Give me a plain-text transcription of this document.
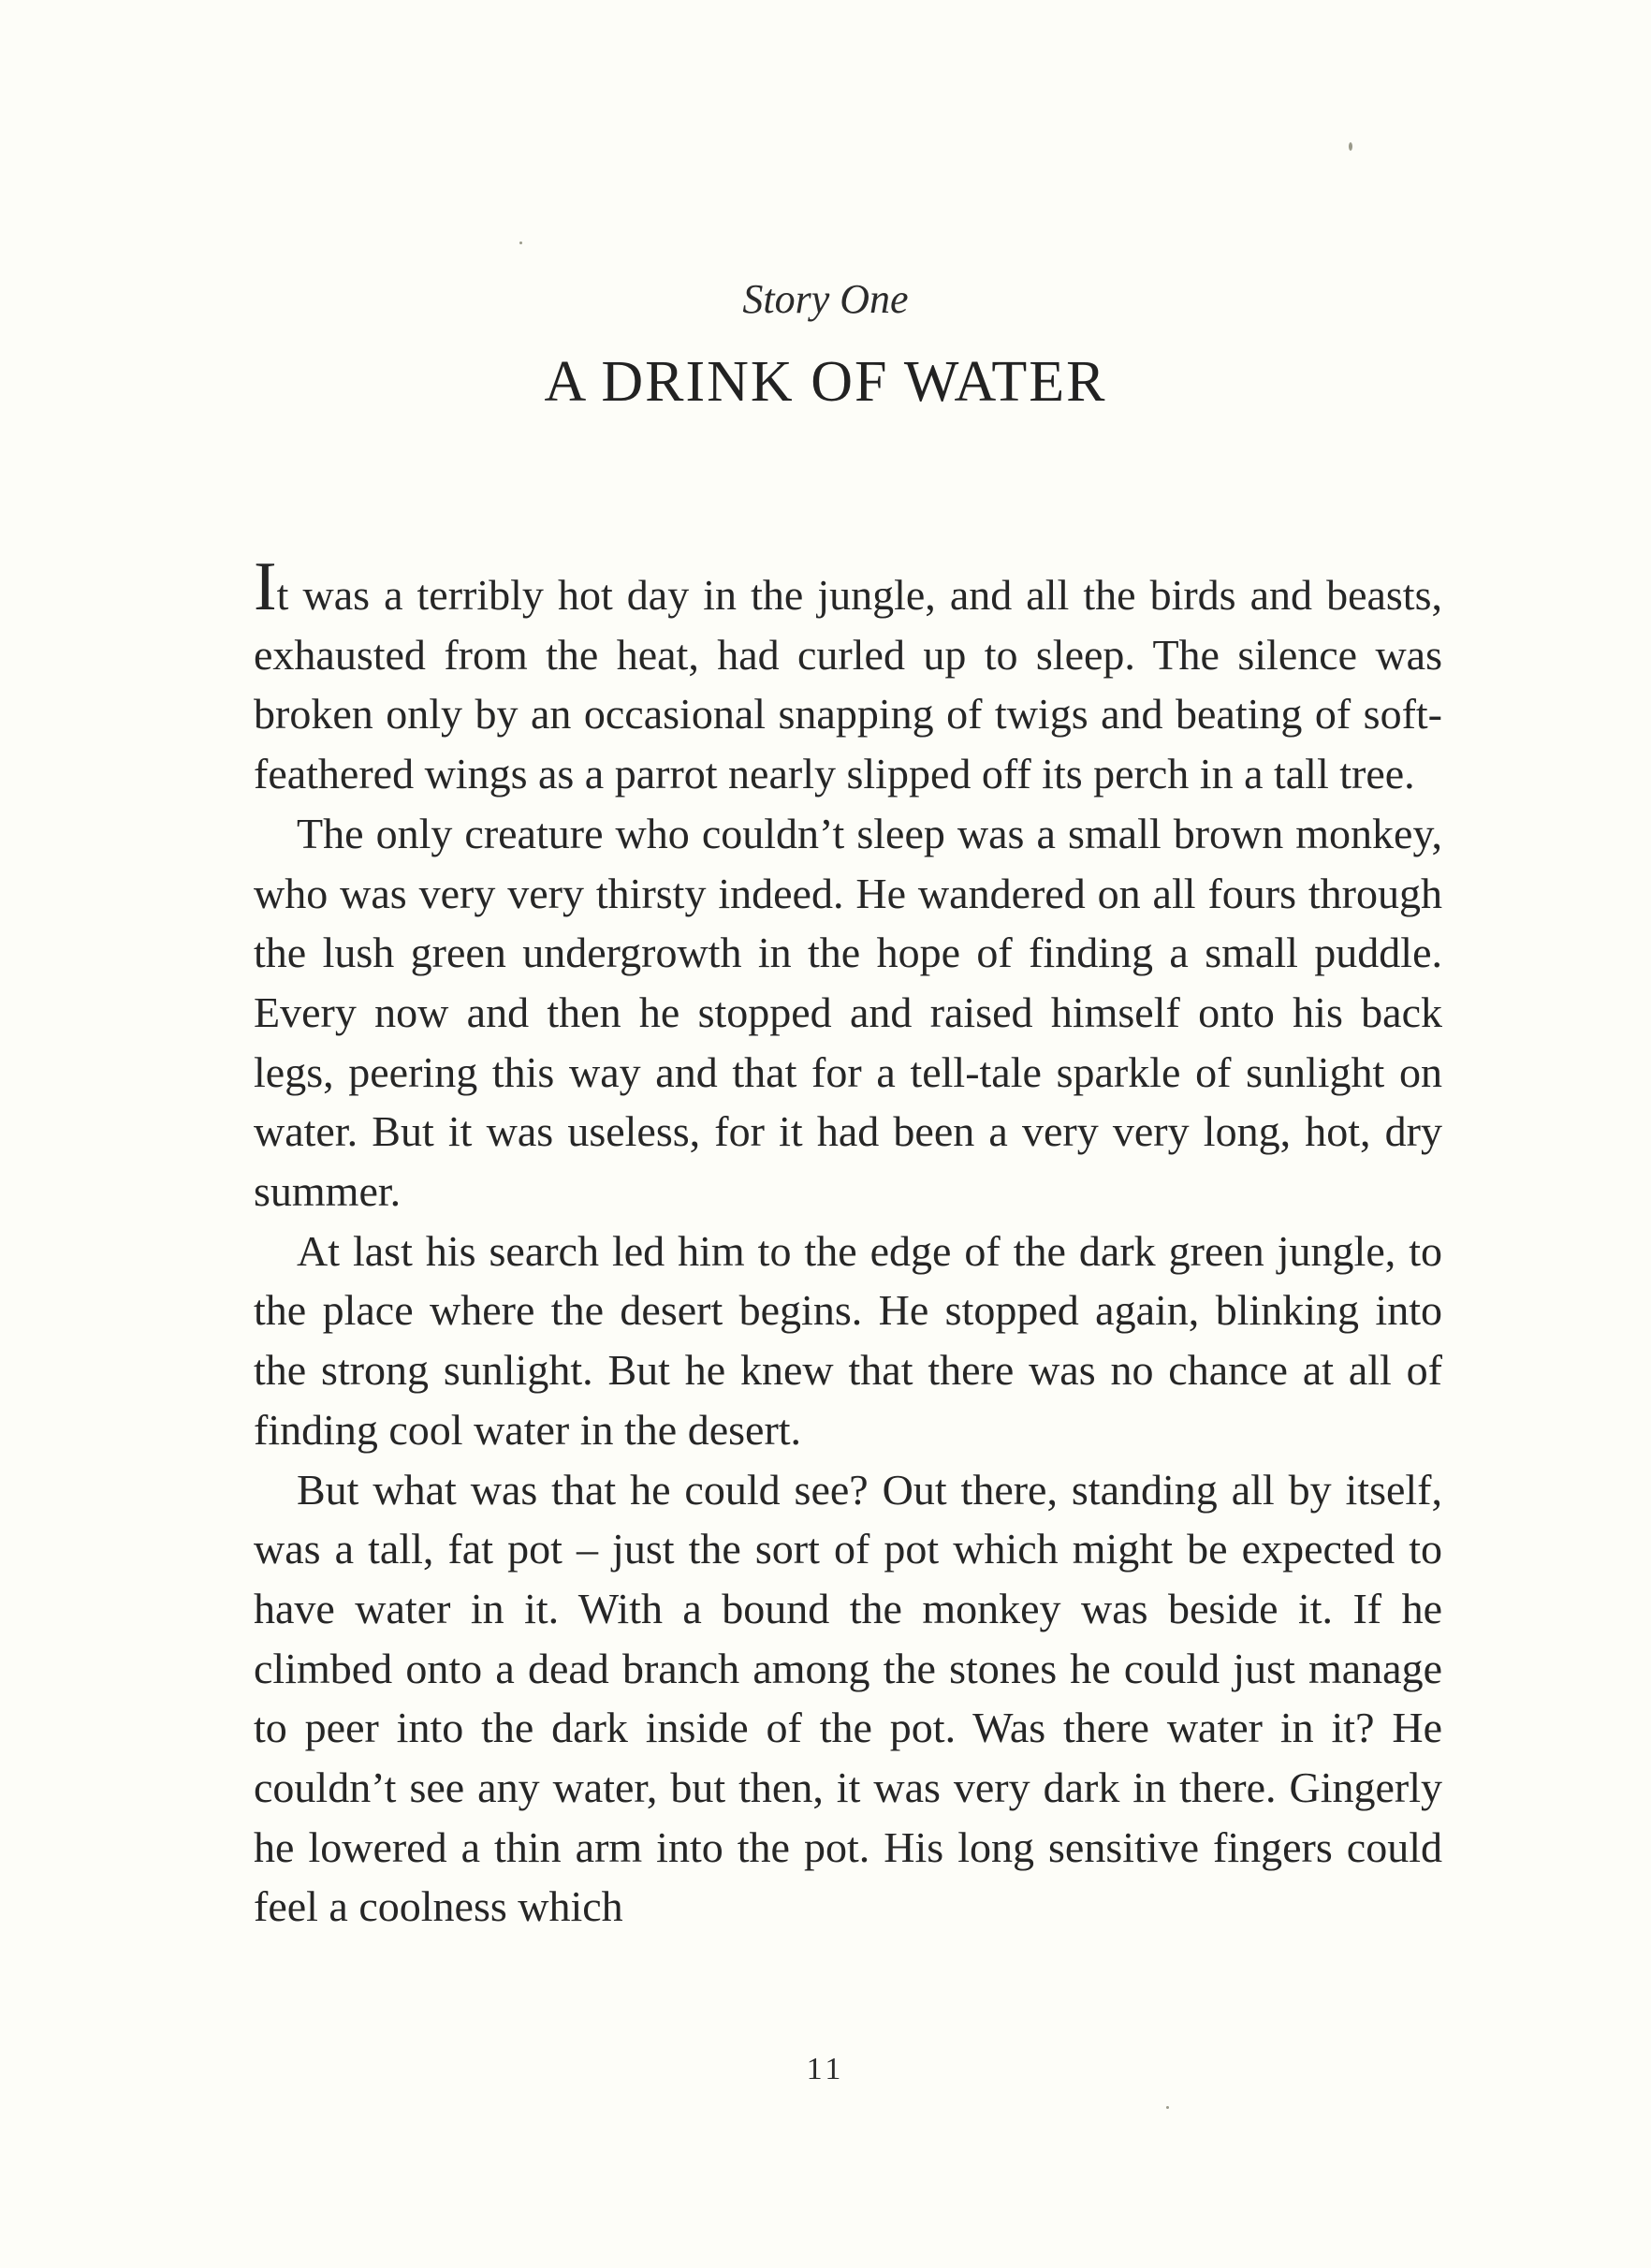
Story One
A DRINK OF WATER

It was a terribly hot day in the jungle, and all the birds and beasts, exhausted from the heat, had curled up to sleep. The silence was broken only by an occasional snapping of twigs and beating of soft-feathered wings as a parrot nearly slipped off its perch in a tall tree.

The only creature who couldn’t sleep was a small brown monkey, who was very very thirsty indeed. He wandered on all fours through the lush green undergrowth in the hope of finding a small puddle. Every now and then he stopped and raised himself onto his back legs, peering this way and that for a tell-tale sparkle of sunlight on water. But it was useless, for it had been a very very long, hot, dry summer.

At last his search led him to the edge of the dark green jungle, to the place where the desert begins. He stopped again, blinking into the strong sunlight. But he knew that there was no chance at all of finding cool water in the desert.

But what was that he could see? Out there, standing all by itself, was a tall, fat pot – just the sort of pot which might be expected to have water in it. With a bound the monkey was beside it. If he climbed onto a dead branch among the stones he could just manage to peer into the dark inside of the pot. Was there water in it? He couldn’t see any water, but then, it was very dark in there. Gingerly he lowered a thin arm into the pot. His long sensitive fingers could feel a coolness which

11
